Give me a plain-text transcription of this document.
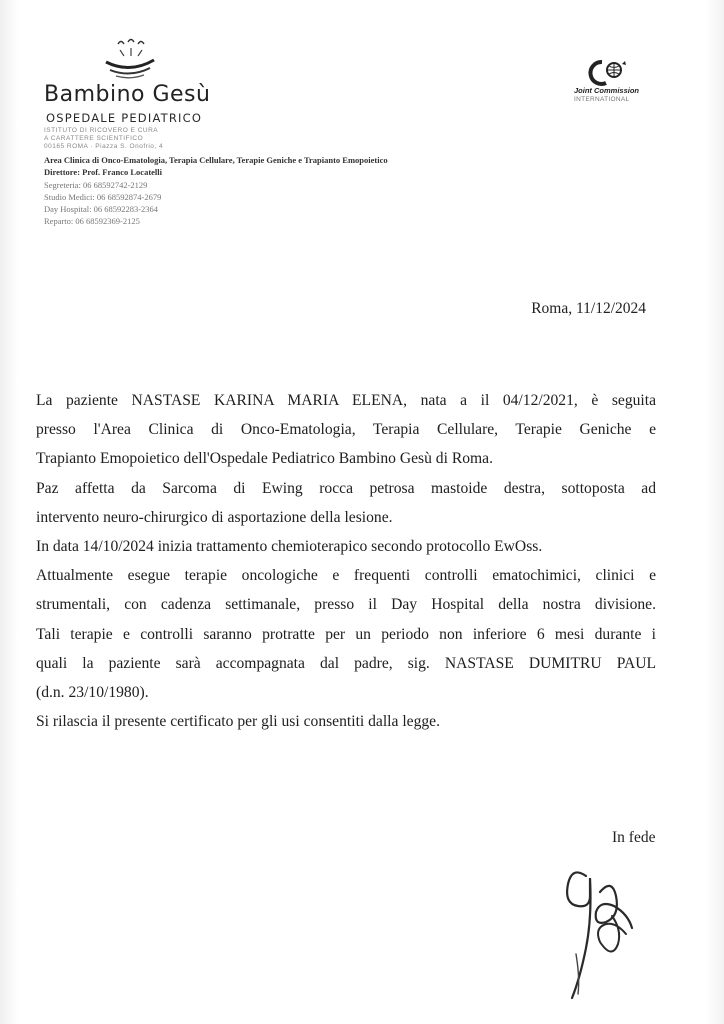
Bambino Gesù
OSPEDALE PEDIATRICO
ISTITUTO DI RICOVERO E CURA
A CARATTERE SCIENTIFICO
00165 ROMA · Piazza S. Onofrio, 4
Area Clinica di Onco-Ematologia, Terapia Cellulare, Terapie Geniche e Trapianto Emopoietico
Direttore: Prof. Franco Locatelli
Segreteria: 06 68592742-2129
Studio Medici: 06 68592874-2679
Day Hospital: 06 68592283-2364
Reparto: 06 68592369-2125
Joint Commission
INTERNATIONAL
Roma, 11/12/2024
La paziente NASTASE KARINA MARIA ELENA, nata a il 04/12/2021, è seguita
presso l'Area Clinica di Onco-Ematologia, Terapia Cellulare, Terapie Geniche e
Trapianto Emopoietico dell'Ospedale Pediatrico Bambino Gesù di Roma.
Paz affetta da Sarcoma di Ewing rocca petrosa mastoide destra, sottoposta ad
intervento neuro-chirurgico di asportazione della lesione.
In data 14/10/2024 inizia trattamento chemioterapico secondo protocollo EwOss.
Attualmente esegue terapie oncologiche e frequenti controlli ematochimici, clinici e
strumentali, con cadenza settimanale, presso il Day Hospital della nostra divisione.
Tali terapie e controlli saranno protratte per un periodo non inferiore 6 mesi durante i
quali la paziente sarà accompagnata dal padre, sig. NASTASE DUMITRU PAUL
(d.n. 23/10/1980).
Si rilascia il presente certificato per gli usi consentiti dalla legge.
In fede
